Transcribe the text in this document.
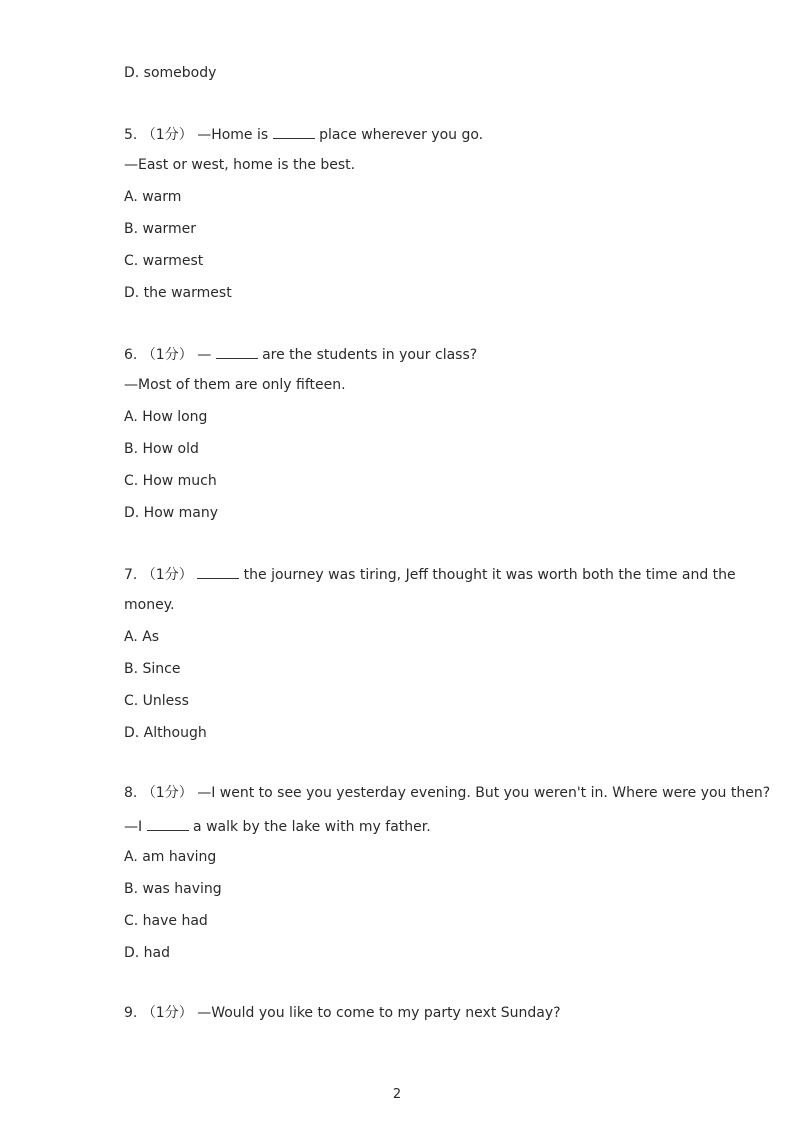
D. somebody
5. （1分） —Home is	place wherever you go.
—East or west, home is the best.
A. warm
B. warmer
C. warmest
D. the warmest
6. （1分） —	are the students in your class?
—Most of them are only fifteen.
A. How long
B. How old
C. How much
D. How many
7. （1分）	the journey was tiring, Jeff thought it was worth both the time and the
money.
A. As
B. Since
C. Unless
D. Although
8. （1分） —I went to see you yesterday evening. But you weren't in. Where were you then?
—I	a walk by the lake with my father.
A. am having
B. was having
C. have had
D. had
9. （1分） —Would you like to come to my party next Sunday?
2
